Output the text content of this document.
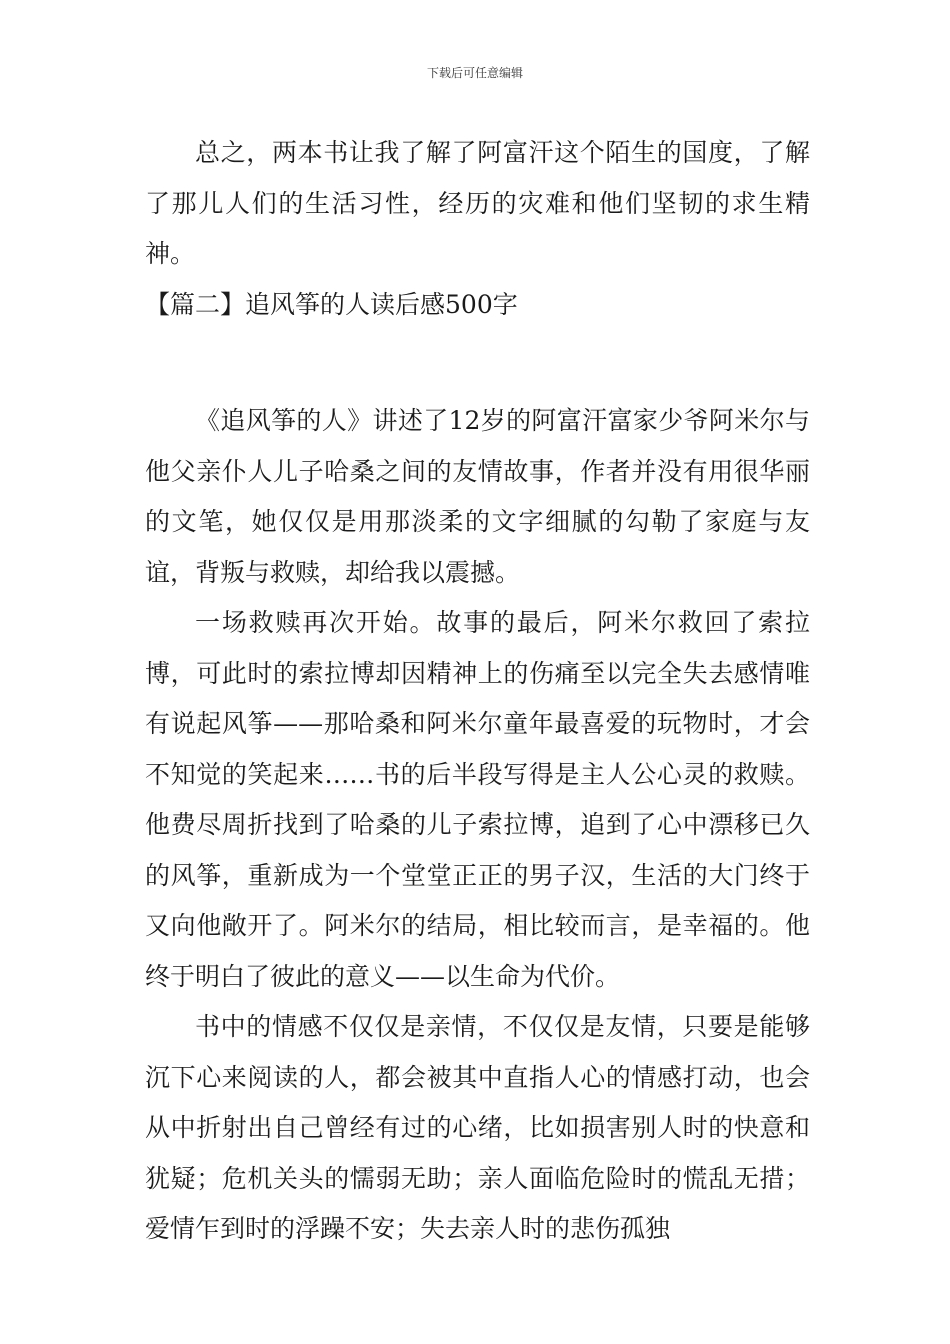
下载后可任意编辑

总之，两本书让我了解了阿富汗这个陌生的国度，了解了那儿人们的生活习性，经历的灾难和他们坚韧的求生精神。

【篇二】追风筝的人读后感500字

《追风筝的人》讲述了12岁的阿富汗富家少爷阿米尔与他父亲仆人儿子哈桑之间的友情故事，作者并没有用很华丽的文笔，她仅仅是用那淡柔的文字细腻的勾勒了家庭与友谊，背叛与救赎，却给我以震撼。

一场救赎再次开始。故事的最后，阿米尔救回了索拉博，可此时的索拉博却因精神上的伤痛至以完全失去感情唯有说起风筝——那哈桑和阿米尔童年最喜爱的玩物时，才会不知觉的笑起来……书的后半段写得是主人公心灵的救赎。他费尽周折找到了哈桑的儿子索拉博，追到了心中漂移已久的风筝，重新成为一个堂堂正正的男子汉，生活的大门终于又向他敞开了。阿米尔的结局，相比较而言，是幸福的。他终于明白了彼此的意义——以生命为代价。

书中的情感不仅仅是亲情，不仅仅是友情，只要是能够沉下心来阅读的人，都会被其中直指人心的情感打动，也会从中折射出自己曾经有过的心绪，比如损害别人时的快意和犹疑；危机关头的懦弱无助；亲人面临危险时的慌乱无措；爱情乍到时的浮躁不安；失去亲人时的悲伤孤独
